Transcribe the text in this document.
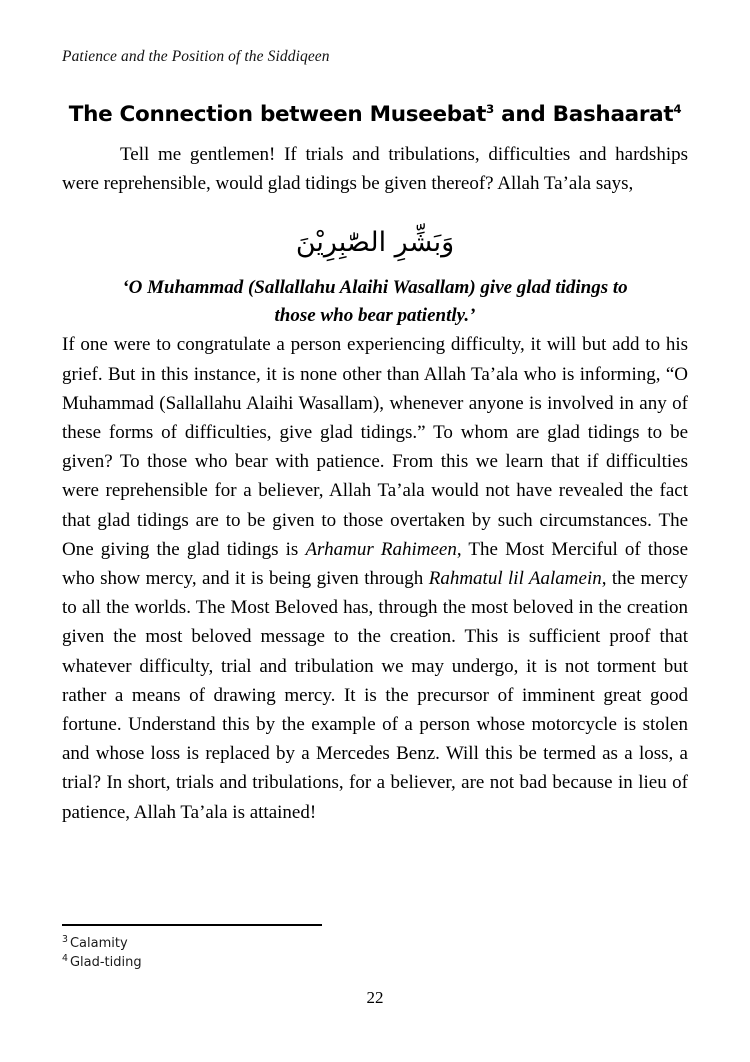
Patience and the Position of the Siddiqeen
The Connection between Museebat$^3$ and Bashaarat$^4$

Tell me gentlemen! If trials and tribulations, difficulties and hardships were reprehensible, would glad tidings be given thereof? Allah Ta’ala says,

وَبَشِّرِ الصّٰبِرِيْنَ

‘O Muhammad (Sallallahu Alaihi Wasallam) give glad tidings to
those who bear patiently.’

If one were to congratulate a person experiencing difficulty, it will but add to his grief. But in this instance, it is none other than Allah Ta’ala who is informing, “O Muhammad (Sallallahu Alaihi Wasallam), whenever anyone is involved in any of these forms of difficulties, give glad tidings.” To whom are glad tidings to be given? To those who bear with patience. From this we learn that if difficulties were reprehensible for a believer, Allah Ta’ala would not have revealed the fact that glad tidings are to be given to those overtaken by such circumstances. The One giving the glad tidings is Arhamur Rahimeen, The Most Merciful of those who show mercy, and it is being given through Rahmatul lil Aalamein, the mercy to all the worlds. The Most Beloved has, through the most beloved in the creation given the most beloved message to the creation. This is sufficient proof that whatever difficulty, trial and tribulation we may undergo, it is not torment but rather a means of drawing mercy. It is the precursor of imminent great good fortune. Understand this by the example of a person whose motorcycle is stolen and whose loss is replaced by a Mercedes Benz. Will this be termed as a loss, a trial? In short, trials and tribulations, for a believer, are not bad because in lieu of patience, Allah Ta’ala is attained!

$^3$ Calamity

$^4$ Glad-tiding

22
